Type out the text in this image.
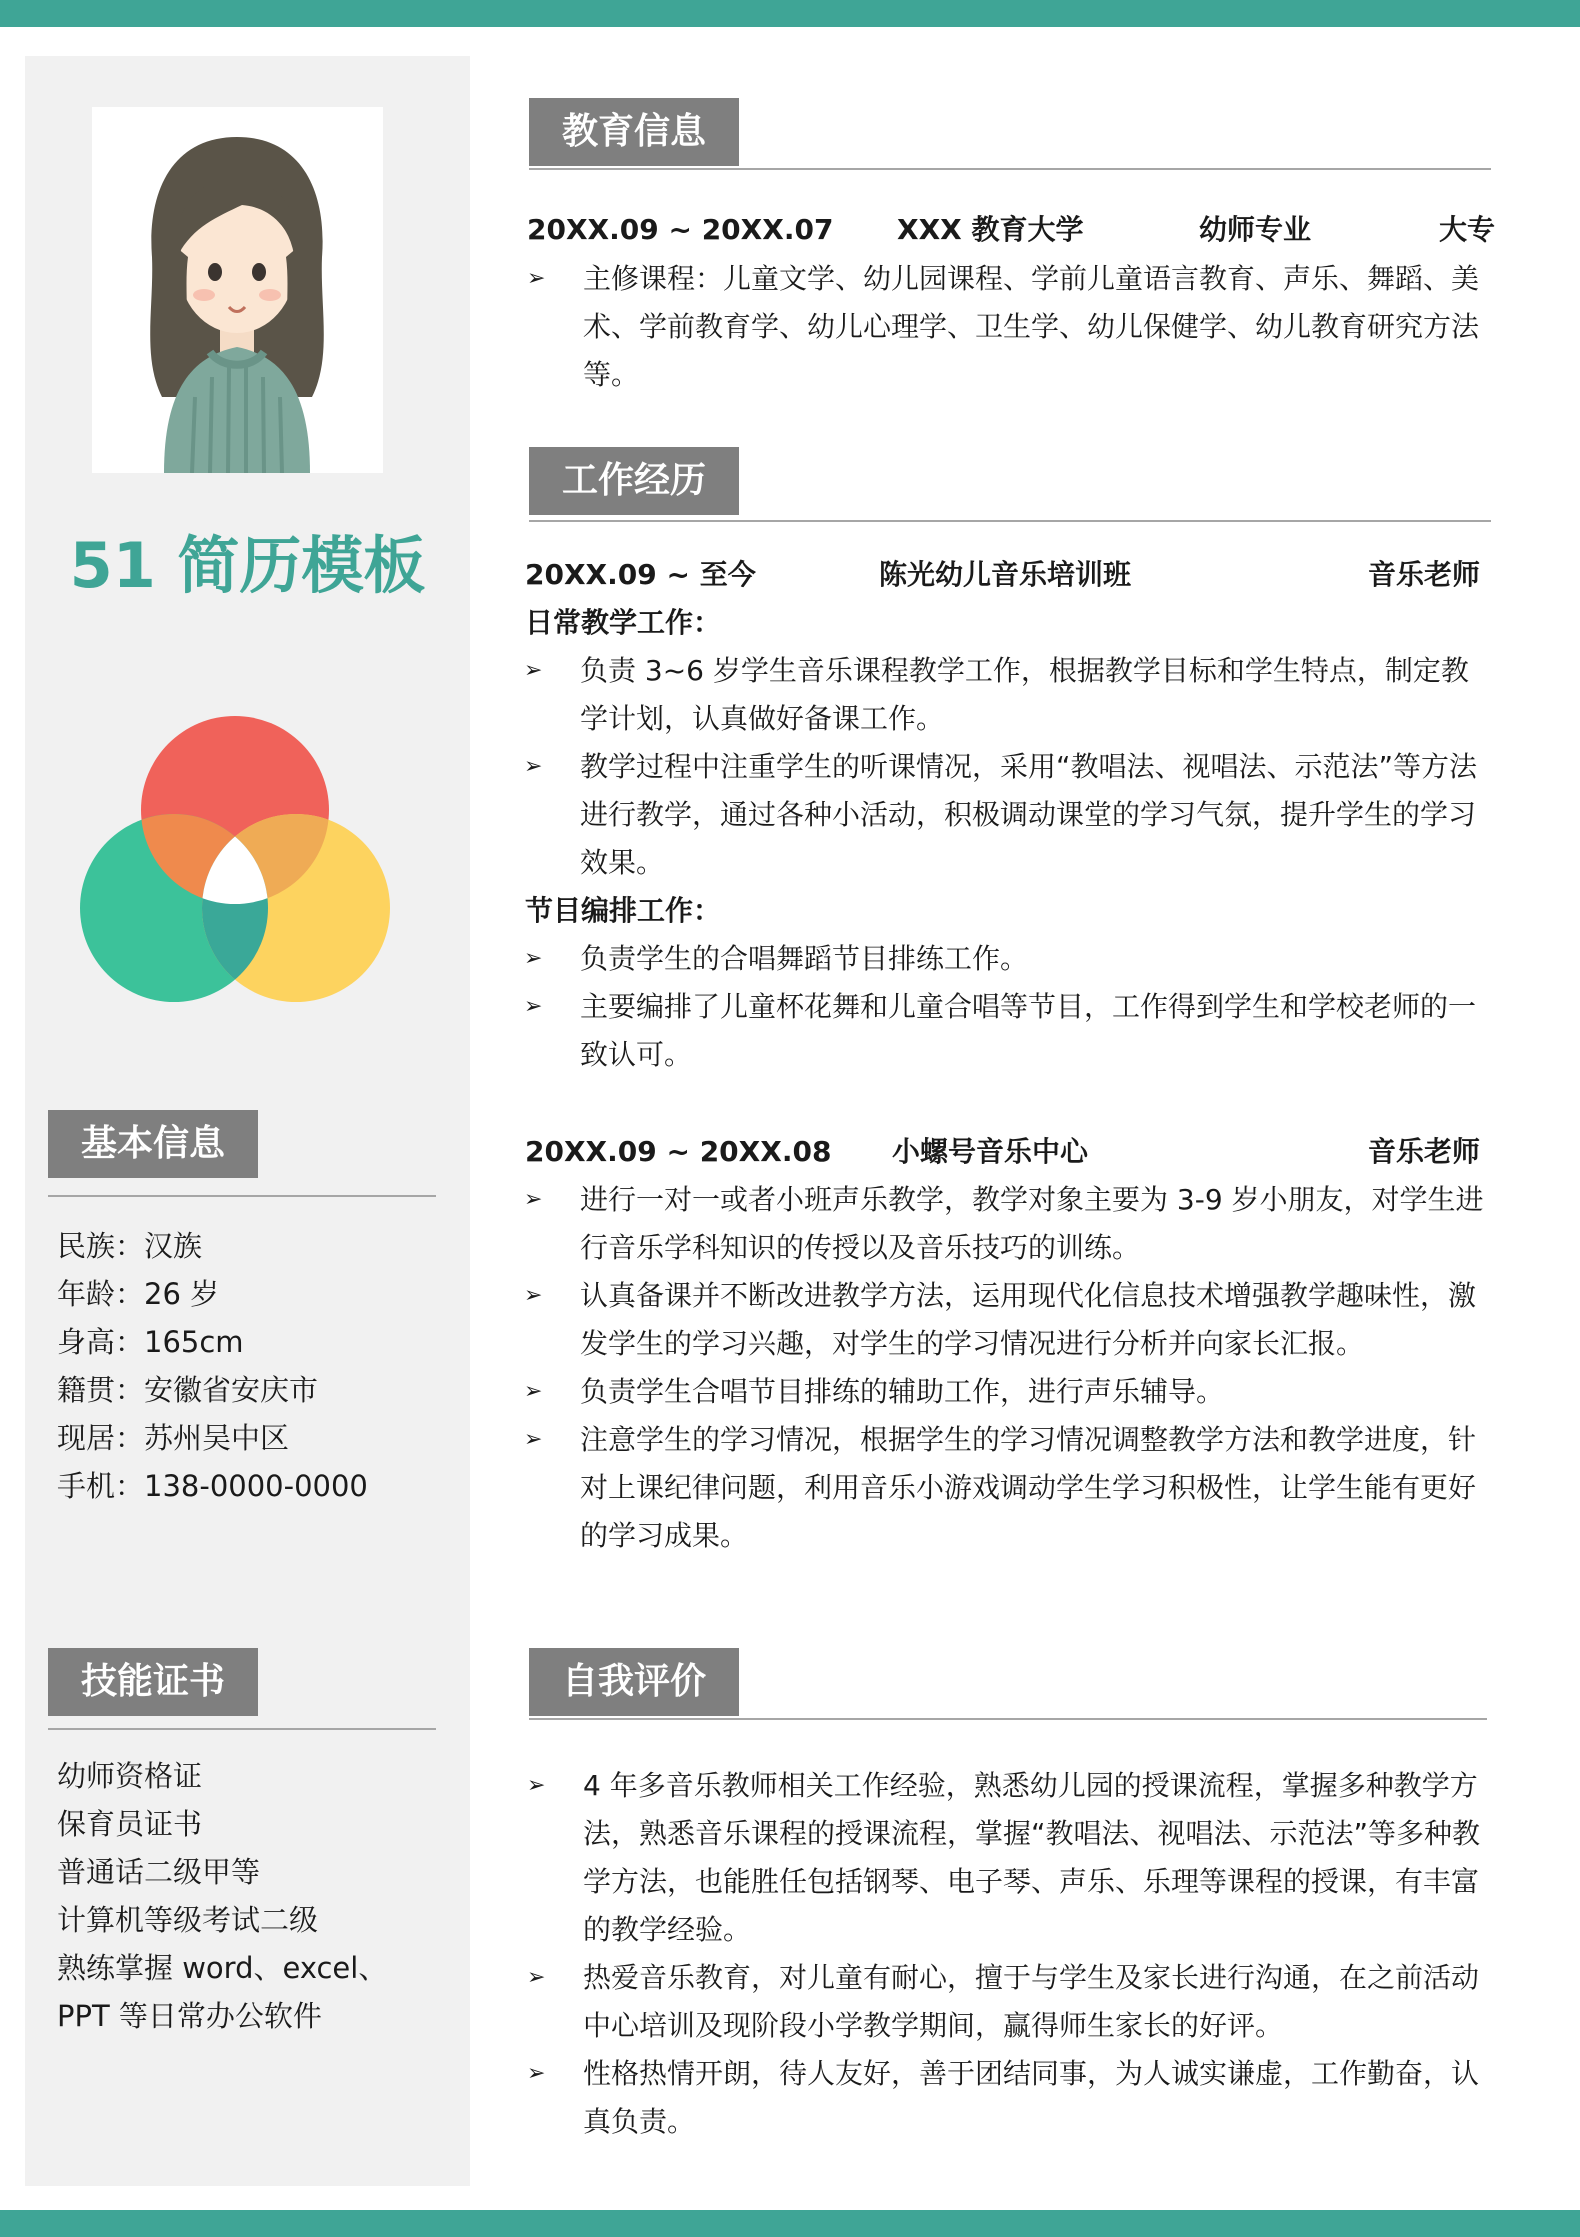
51 简历模板
基本信息
民族：汉族
年龄：26 岁
身高：165cm
籍贯：安徽省安庆市
现居：苏州吴中区
手机：138-0000-0000
技能证书
幼师资格证
保育员证书
普通话二级甲等
计算机等级考试二级
熟练掌握 word、excel、
PPT 等日常办公软件
教育信息
20XX.09 ~ 20XX.07 XXX 教育大学	幼师专业	大专
➢	主修课程：儿童文学、幼儿园课程、学前儿童语言教育、声乐、舞蹈、美术、学前教育学、幼儿心理学、卫生学、幼儿保健学、幼儿教育研究方法等。
工作经历
20XX.09 ~ 至今	陈光幼儿音乐培训班	音乐老师
日常教学工作：
➢	负责 3~6 岁学生音乐课程教学工作，根据教学目标和学生特点，制定教学计划，认真做好备课工作。
➢	教学过程中注重学生的听课情况，采用“教唱法、视唱法、示范法”等方法进行教学，通过各种小活动，积极调动课堂的学习气氛，提升学生的学习效果。
节目编排工作：
➢	负责学生的合唱舞蹈节目排练工作。
➢	主要编排了儿童杯花舞和儿童合唱等节目，工作得到学生和学校老师的一致认可。
20XX.09 ~ 20XX.08 小螺号音乐中心	音乐老师
➢	进行一对一或者小班声乐教学，教学对象主要为 3-9 岁小朋友，对学生进行音乐学科知识的传授以及音乐技巧的训练。
➢	认真备课并不断改进教学方法，运用现代化信息技术增强教学趣味性，激发学生的学习兴趣，对学生的学习情况进行分析并向家长汇报。
➢	负责学生合唱节目排练的辅助工作，进行声乐辅导。
➢	注意学生的学习情况，根据学生的学习情况调整教学方法和教学进度，针对上课纪律问题，利用音乐小游戏调动学生学习积极性，让学生能有更好的学习成果。
自我评价
➢	4 年多音乐教师相关工作经验，熟悉幼儿园的授课流程，掌握多种教学方法，熟悉音乐课程的授课流程，掌握“教唱法、视唱法、示范法”等多种教学方法，也能胜任包括钢琴、电子琴、声乐、乐理等课程的授课，有丰富的教学经验。
➢	热爱音乐教育，对儿童有耐心，擅于与学生及家长进行沟通，在之前活动中心培训及现阶段小学教学期间，赢得师生家长的好评。
➢	性格热情开朗，待人友好，善于团结同事，为人诚实谦虚，工作勤奋，认真负责。
